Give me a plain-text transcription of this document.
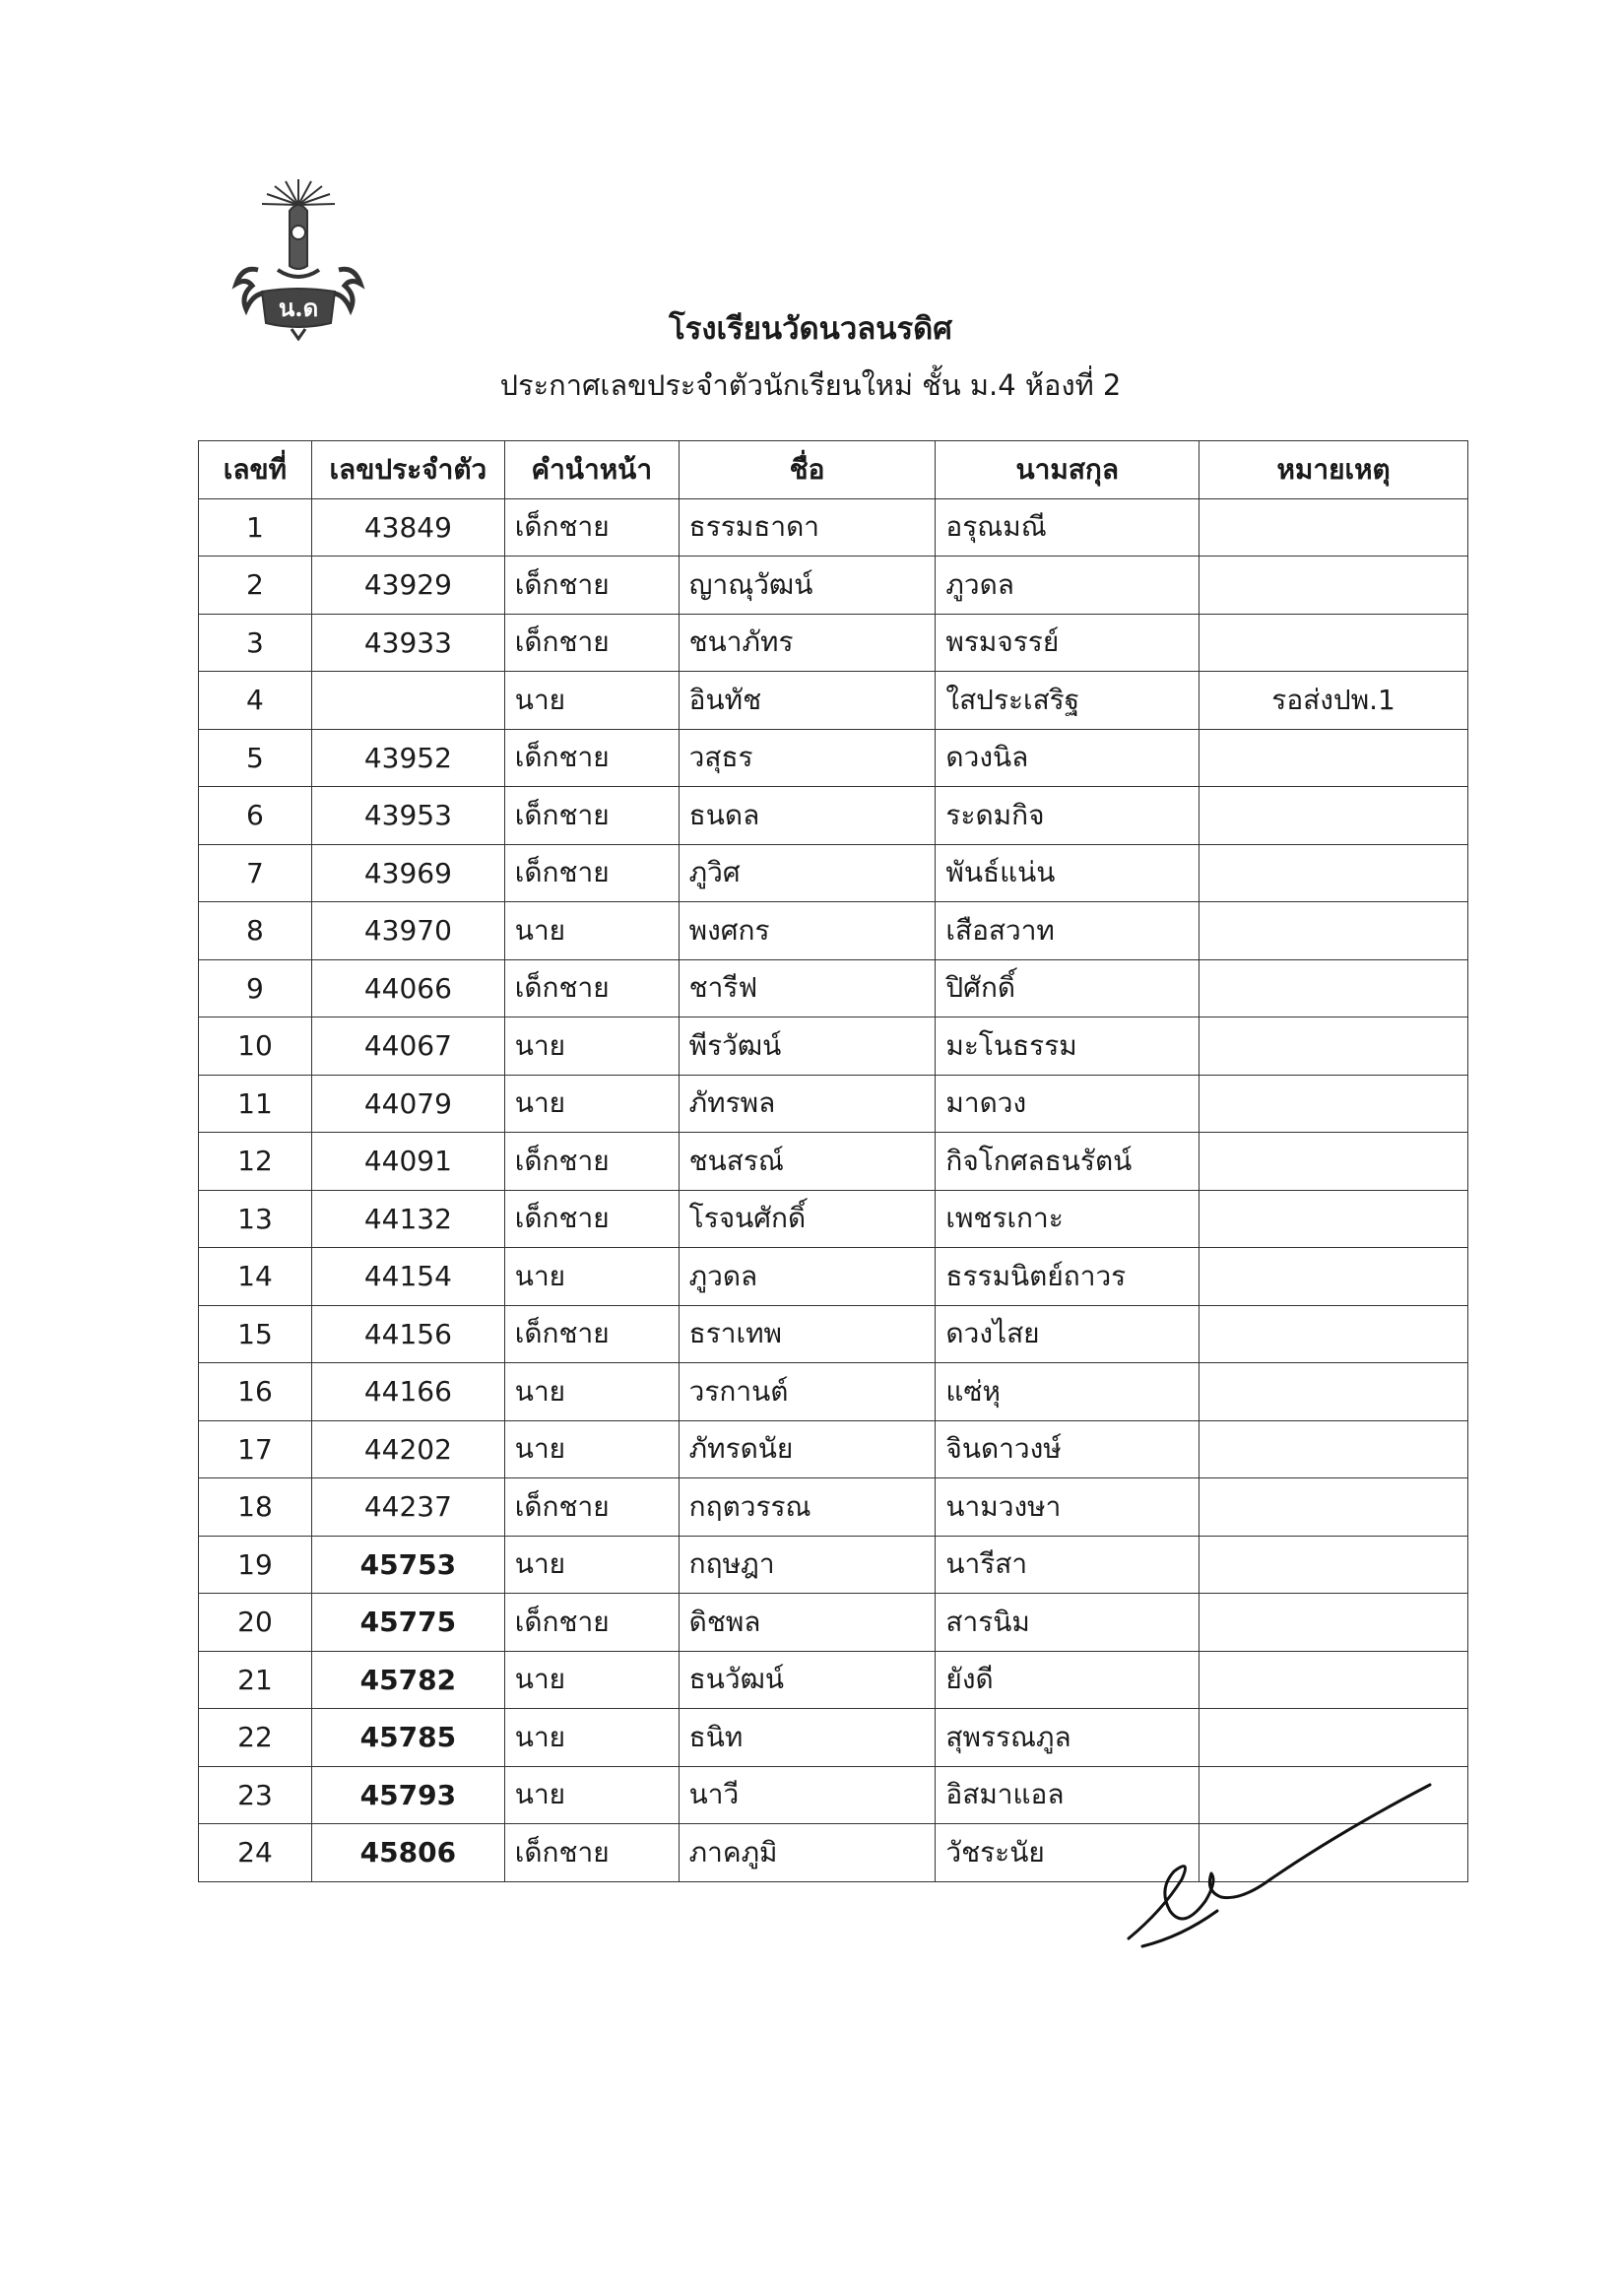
น.ด
โรงเรียนวัดนวลนรดิศ
ประกาศเลขประจำตัวนักเรียนใหม่ ชั้น ม.4 ห้องที่ 2
เลขที่	เลขประจำตัว	คำนำหน้า	ชื่อ	นามสกุล	หมายเหตุ
1	43849	เด็กชาย	ธรรมธาดา	อรุณมณี	
2	43929	เด็กชาย	ญาณุวัฒน์	ภูวดล	
3	43933	เด็กชาย	ชนาภัทร	พรมจรรย์	
4		นาย	อินทัช	ใสประเสริฐ	รอส่งปพ.1
5	43952	เด็กชาย	วสุธร	ดวงนิล	
6	43953	เด็กชาย	ธนดล	ระดมกิจ	
7	43969	เด็กชาย	ภูวิศ	พันธ์แน่น	
8	43970	นาย	พงศกร	เสือสวาท	
9	44066	เด็กชาย	ชารีฟ	ปิศักดิ์	
10	44067	นาย	พีรวัฒน์	มะโนธรรม	
11	44079	นาย	ภัทรพล	มาดวง	
12	44091	เด็กชาย	ชนสรณ์	กิจโกศลธนรัตน์	
13	44132	เด็กชาย	โรจนศักดิ์	เพชรเกาะ	
14	44154	นาย	ภูวดล	ธรรมนิตย์ถาวร	
15	44156	เด็กชาย	ธราเทพ	ดวงไสย	
16	44166	นาย	วรกานต์	แซ่หุ	
17	44202	นาย	ภัทรดนัย	จินดาวงษ์	
18	44237	เด็กชาย	กฤตวรรณ	นามวงษา	
19	45753	นาย	กฤษฎา	นารีสา	
20	45775	เด็กชาย	ดิชพล	สารนิม	
21	45782	นาย	ธนวัฒน์	ยังดี	
22	45785	นาย	ธนิท	สุพรรณภูล	
23	45793	นาย	นาวี	อิสมาแอล	
24	45806	เด็กชาย	ภาคภูมิ	วัชระนัย	
